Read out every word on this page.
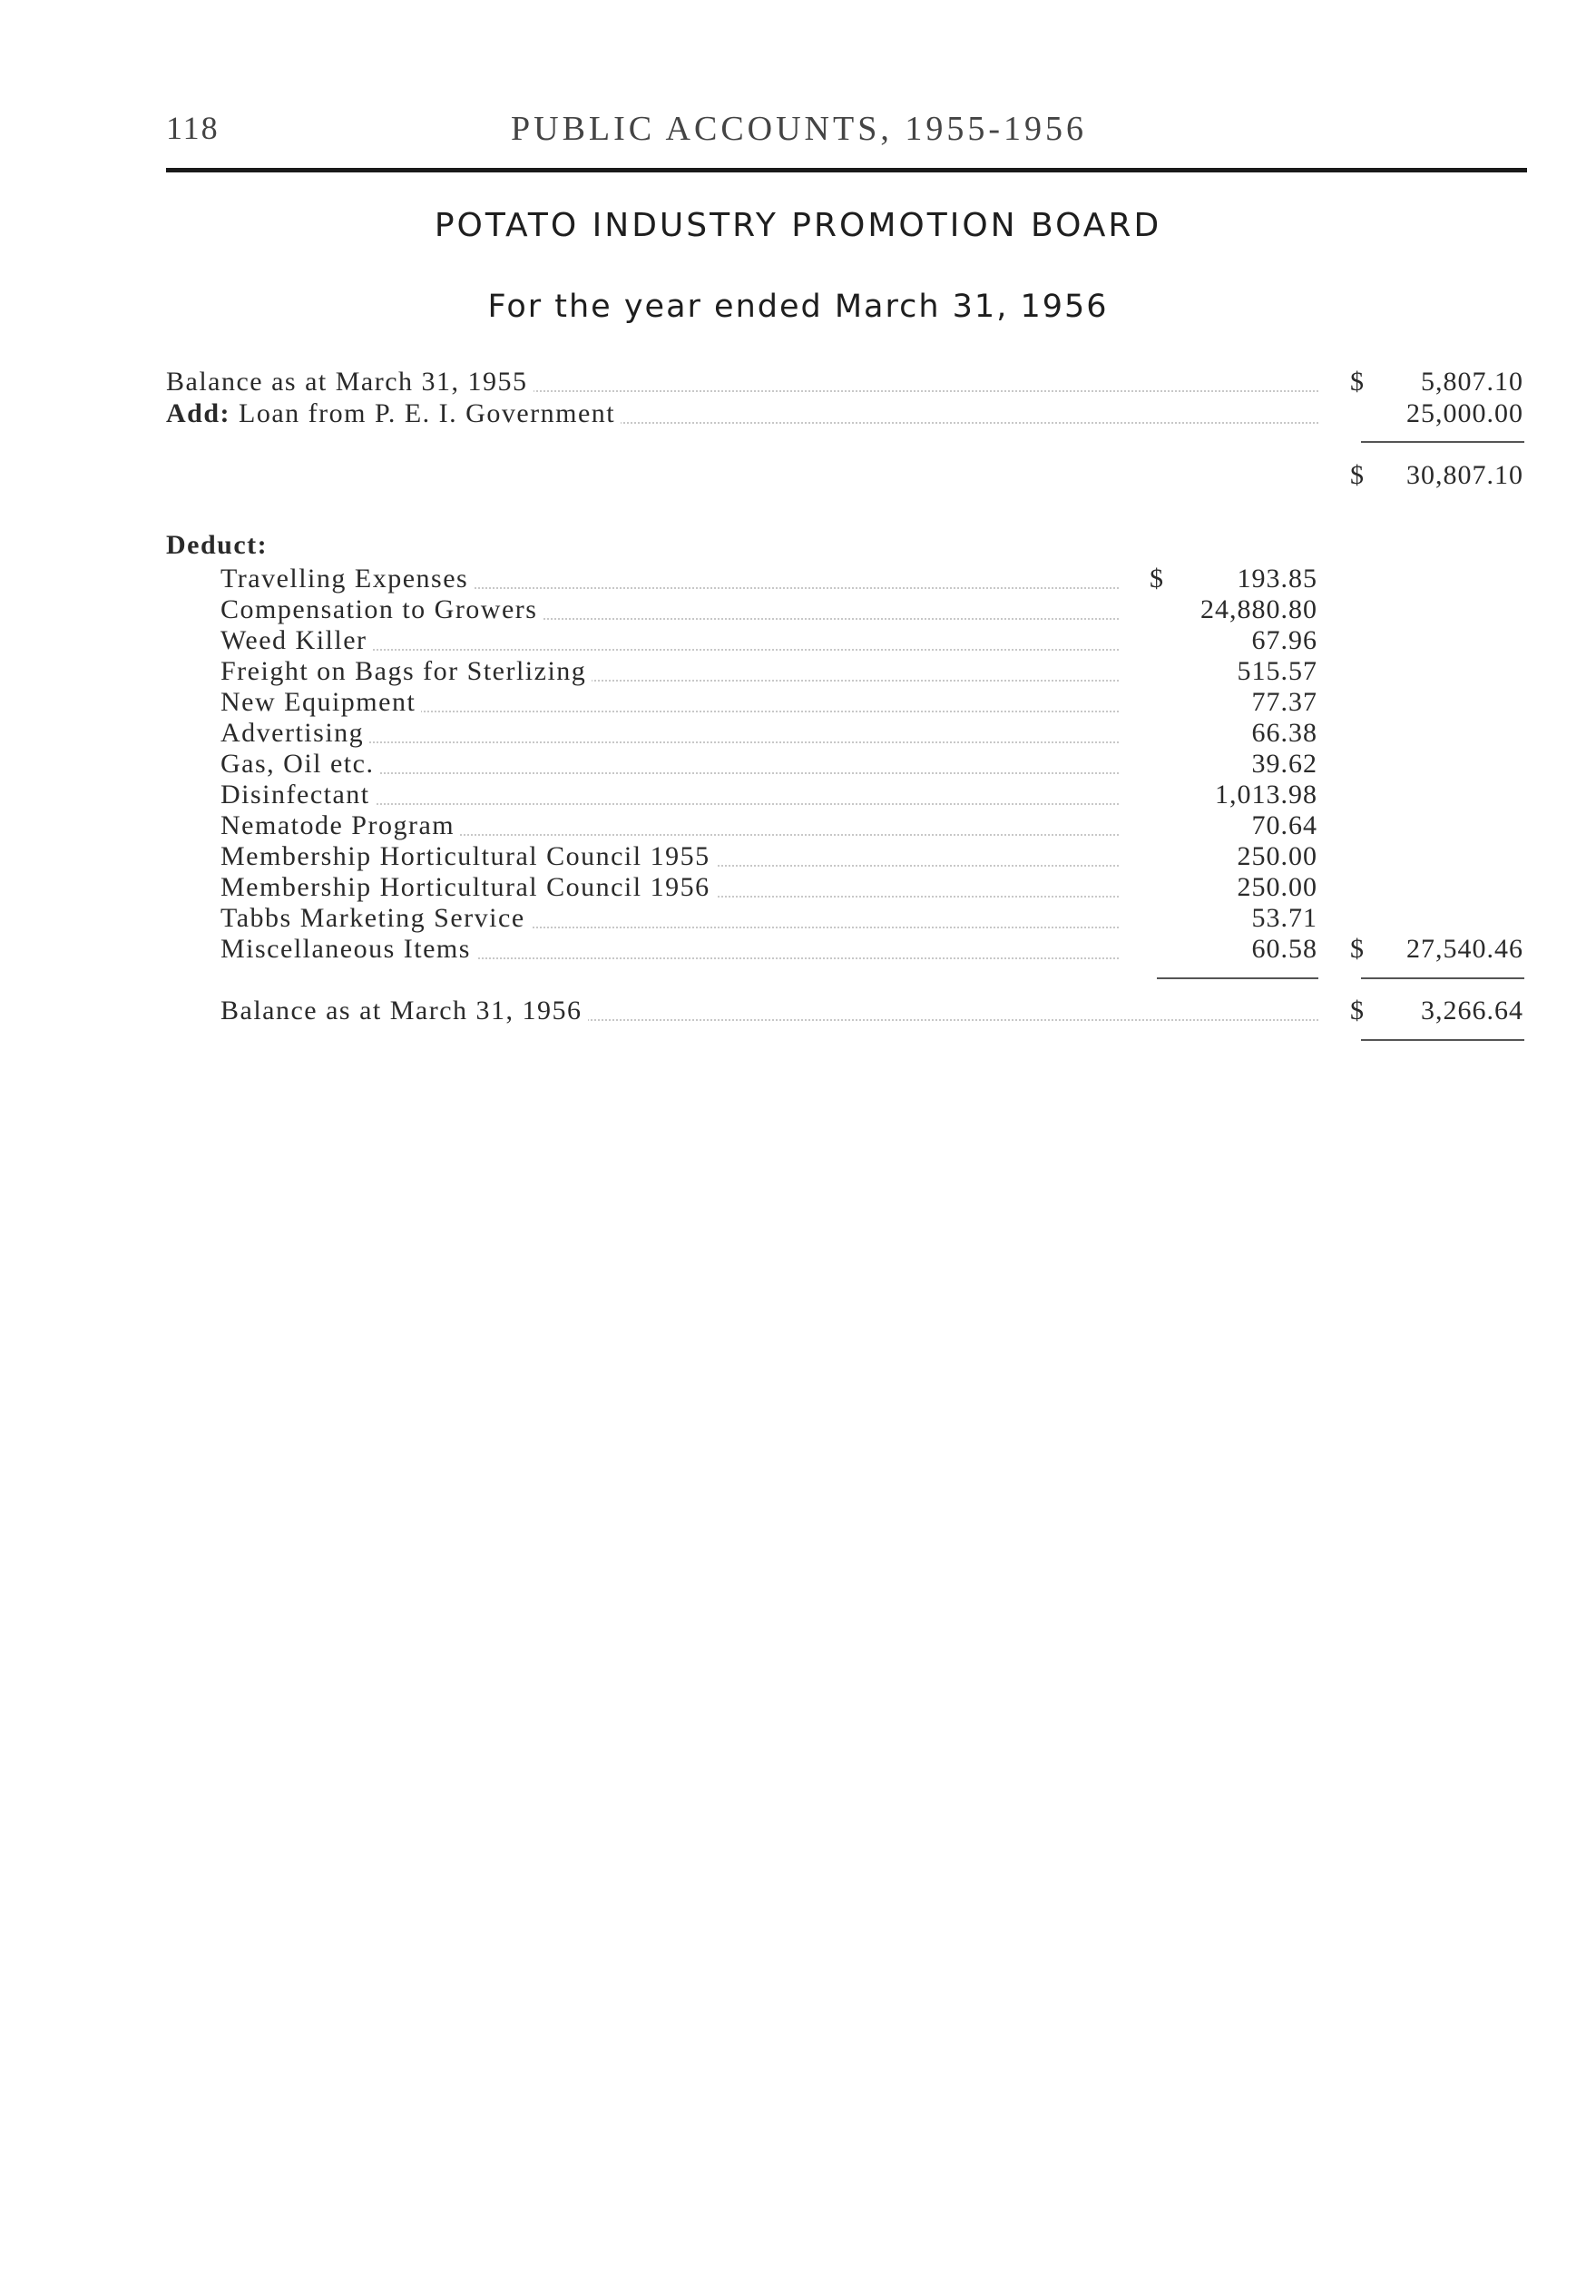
118	PUBLIC ACCOUNTS, 1955-1956
POTATO INDUSTRY PROMOTION BOARD
For the year ended March 31, 1956
Balance as at March 31, 1955	$ 5,807.10
Add: Loan from P. E. I. Government	25,000.00
$ 30,807.10
Deduct:
Travelling Expenses	$	193.85
Compensation to Growers	24,880.80
Weed Killer	67.96
Freight on Bags for Sterlizing	515.57
New Equipment	77.37
Advertising	66.38
Gas, Oil etc.	39.62
Disinfectant	1,013.98
Nematode Program	70.64
Membership Horticultural Council 1955	250.00
Membership Horticultural Council 1956	250.00
Tabbs Marketing Service	53.71
Miscellaneous Items	60.58 $ 27,540.46
Balance as at March 31, 1956	$ 3,266.64
